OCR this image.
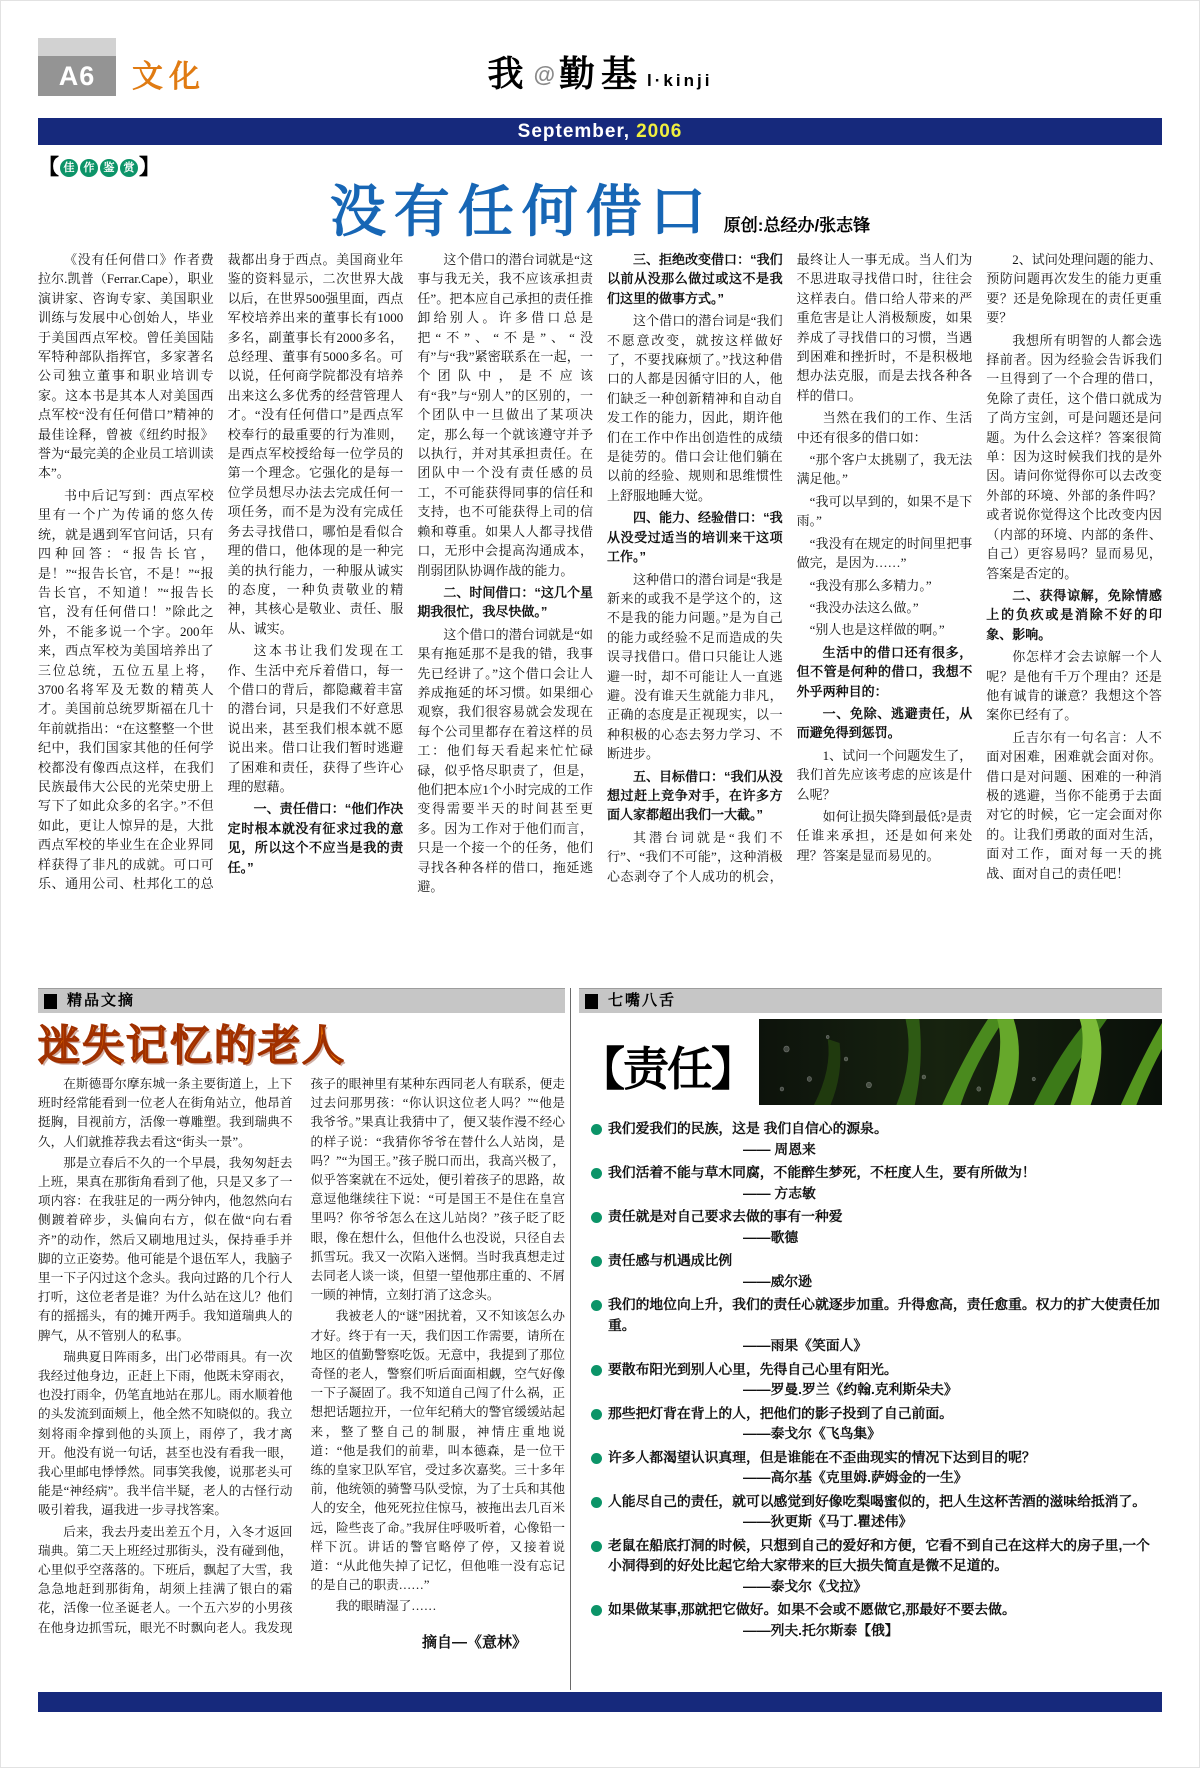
A6	文化	我 @ 勤基 l·kinji
September, 2006
【 佳 作 鉴 赏 】
没有任何借口 原创:总经办/张志锋

《没有任何借口》作者费拉尔.凯普（Ferrar.Cape），职业演讲家、咨询专家、美国职业训练与发展中心创始人，毕业于美国西点军校。曾任美国陆军特种部队指挥官，多家著名公司独立董事和职业培训专家。这本书是其本人对美国西点军校“没有任何借口”精神的最佳诠释，曾被《纽约时报》誉为“最完美的企业员工培训读本”。

书中后记写到：西点军校里有一个广为传诵的悠久传统，就是遇到军官问话，只有四种回答：“报告长官，是！”“报告长官，不是！”“报告长官，不知道！”“报告长官，没有任何借口！”除此之外，不能多说一个字。200年来，西点军校为美国培养出了三位总统，五位五星上将，3700名将军及无数的精英人才。美国前总统罗斯福在几十年前就指出：“在这整整一个世纪中，我们国家其他的任何学校都没有像西点这样，在我们民族最伟大公民的光荣史册上写下了如此众多的名字。”不但如此，更让人惊异的是，大批西点军校的毕业生在企业界同样获得了非凡的成就。可口可乐、通用公司、杜邦化工的总裁都出身于西点。美国商业年鉴的资料显示，二次世界大战以后，在世界500强里面，西点军校培养出来的董事长有1000多名，副董事长有2000多名，总经理、董事有5000多名。可以说，任何商学院都没有培养出来这么多优秀的经营管理人才。“没有任何借口”是西点军校奉行的最重要的行为准则，是西点军校授给每一位学员的第一个理念。它强化的是每一位学员想尽办法去完成任何一项任务，而不是为没有完成任务去寻找借口，哪怕是看似合理的借口，他体现的是一种完美的执行能力，一种服从诚实的态度，一种负责敬业的精神，其核心是敬业、责任、服从、诚实。

这本书让我们发现在工作、生活中充斥着借口，每一个借口的背后，都隐藏着丰富的潜台词，只是我们不好意思说出来，甚至我们根本就不愿说出来。借口让我们暂时逃避了困难和责任，获得了些许心理的慰藉。

一、责任借口：“他们作决定时根本就没有征求过我的意见，所以这个不应当是我的责任。”

这个借口的潜台词就是“这事与我无关，我不应该承担责任”。把本应自己承担的责任推卸给别人。许多借口总是把“不”、“不是”、“没有”与“我”紧密联系在一起，一个团队中，是不应该有“我”与“别人”的区别的，一个团队中一旦做出了某项决定，那么每一个就该遵守并予以执行，并对其承担责任。在团队中一个没有责任感的员工，不可能获得同事的信任和支持，也不可能获得上司的信赖和尊重。如果人人都寻找借口，无形中会提高沟通成本，削弱团队协调作战的能力。

二、时间借口：“这几个星期我很忙，我尽快做。”

这个借口的潜台词就是“如果有拖延那不是我的错，我事先已经讲了。”这个借口会让人养成拖延的坏习惯。如果细心观察，我们很容易就会发现在每个公司里都存在着这样的员工：他们每天看起来忙忙碌碌，似乎恪尽职责了，但是，他们把本应1个小时完成的工作变得需要半天的时间甚至更多。因为工作对于他们而言，只是一个接一个的任务，他们寻找各种各样的借口，拖延逃避。

三、拒绝改变借口：“我们以前从没那么做过或这不是我们这里的做事方式。”

这个借口的潜台词是“我们不愿意改变，就按这样做好了，不要找麻烦了。”找这种借口的人都是因循守旧的人，他们缺乏一种创新精神和自动自发工作的能力，因此，期许他们在工作中作出创造性的成绩是徒劳的。借口会让他们躺在以前的经验、规则和思维惯性上舒服地睡大觉。

四、能力、经验借口：“我从没受过适当的培训来干这项工作。”

这种借口的潜台词是“我是新来的或我不是学这个的，这不是我的能力问题。”是为自己的能力或经验不足而造成的失误寻找借口。借口只能让人逃避一时，却不可能让人一直逃避。没有谁天生就能力非凡，正确的态度是正视现实，以一种积极的心态去努力学习、不断进步。

五、目标借口：“我们从没想过赶上竞争对手，在许多方面人家都超出我们一大截。”

其潜台词就是“我们不行”、“我们不可能”，这种消极心态剥夺了个人成功的机会，最终让人一事无成。当人们为不思进取寻找借口时，往往会这样表白。借口给人带来的严重危害是让人消极颓废，如果养成了寻找借口的习惯，当遇到困难和挫折时，不是积极地想办法克服，而是去找各种各样的借口。

当然在我们的工作、生活中还有很多的借口如：

“那个客户太挑剔了，我无法满足他。”

“我可以早到的，如果不是下雨。”

“我没有在规定的时间里把事做完，是因为……”

“我没有那么多精力。”

“我没办法这么做。”

“别人也是这样做的啊。”

生活中的借口还有很多，但不管是何种的借口，我想不外乎两种目的：

一、免除、逃避责任，从而避免得到惩罚。

1、试问一个问题发生了，我们首先应该考虑的应该是什么呢？

如何让损失降到最低?是责任谁来承担，还是如何来处理？答案是显而易见的。

2、试问处理问题的能力、预防问题再次发生的能力更重要？还是免除现在的责任更重要？

我想所有明智的人都会选择前者。因为经验会告诉我们一旦得到了一个合理的借口，免除了责任，这个借口就成为了尚方宝剑，可是问题还是问题。为什么会这样？答案很简单：因为这时候我们找的是外因。请问你觉得你可以去改变外部的环境、外部的条件吗？或者说你觉得这个比改变内因（内部的环境、内部的条件、自己）更容易吗？显而易见，答案是否定的。

二、获得谅解，免除情感上的负疚或是消除不好的印象、影响。

你怎样才会去谅解一个人呢？是他有千万个理由？还是他有诚肯的谦意？我想这个答案你已经有了。

丘吉尔有一句名言：人不面对困难，困难就会面对你。借口是对问题、困难的一种消极的逃避，当你不能勇于去面对它的时候，它一定会面对你的。让我们勇敢的面对生活，面对工作，面对每一天的挑战、面对自己的责任吧！

精品文摘
迷失记忆的老人

在斯德哥尔摩东城一条主要街道上，上下班时经常能看到一位老人在街角站立，他昂首挺胸，目视前方，活像一尊雕塑。我到瑞典不久，人们就推荐我去看这“街头一景”。

那是立春后不久的一个早晨，我匆匆赶去上班，果真在那街角看到了他，只是又多了一项内容：在我驻足的一两分钟内，他忽然向右侧踱着碎步，头偏向右方，似在做“向右看齐”的动作，然后又刷地甩过头，保持垂手并脚的立正姿势。他可能是个退伍军人，我脑子里一下子闪过这个念头。我向过路的几个行人打听，这位老者是谁？为什么站在这儿？他们有的摇摇头，有的摊开两手。我知道瑞典人的脾气，从不管别人的私事。

瑞典夏日阵雨多，出门必带雨具。有一次我经过他身边，正赶上下雨，他既未穿雨衣，也没打雨伞，仍笔直地站在那儿。雨水顺着他的头发流到面颊上，他全然不知晓似的。我立刻将雨伞撑到他的头顶上，雨停了，我才离开。他没有说一句话，甚至也没有看我一眼，我心里邮电悸悸然。同事笑我傻，说那老头可能是“神经病”。我半信半疑，老人的古怪行动吸引着我，逼我进一步寻找答案。

后来，我去丹麦出差五个月，入冬才返回瑞典。第二天上班经过那街头，没有碰到他，心里似乎空落落的。下班后，飘起了大雪，我急急地赶到那街角，胡须上挂满了银白的霜花，活像一位圣诞老人。一个五六岁的小男孩在他身边抓雪玩，眼光不时飘向老人。我发现孩子的眼神里有某种东西同老人有联系，便走过去问那男孩：“你认识这位老人吗？”“他是我爷爷。”果真让我猜中了，便又装作漫不经心的样子说：“我猜你爷爷在替什么人站岗，是吗？”“为国王。”孩子脱口而出，我高兴极了，似乎答案就在不远处，便引着孩子的思路，故意逗他继续往下说：“可是国王不是住在皇宫里吗？你爷爷怎么在这儿站岗？”孩子眨了眨眼，像在想什么，但他什么也没说，只径自去抓雪玩。我又一次陷入迷惘。当时我真想走过去同老人谈一谈，但望一望他那庄重的、不屑一顾的神情，立刻打消了这念头。

我被老人的“谜”困扰着，又不知该怎么办才好。终于有一天，我们因工作需要，请所在地区的值勤警察吃饭。无意中，我提到了那位奇怪的老人，警察们听后面面相觑，空气好像一下子凝固了。我不知道自己闯了什么祸，正想把话题拉开，一位年纪稍大的警官缓缓站起来，整了整自己的制服，神情庄重地说道：“他是我们的前辈，叫本德森，是一位干练的皇家卫队军官，受过多次嘉奖。三十多年前，他统领的骑警马队受惊，为了士兵和其他人的安全，他死死拉住惊马，被拖出去几百米远，险些丧了命。”我屏住呼吸听着，心像铅一样下沉。讲话的警官略停了停，又接着说道：“从此他失掉了记忆，但他唯一没有忘记的是自己的职责……”

我的眼睛湿了……

摘自—《意林》

七嘴八舌
【责任】
我们爱我们的民族，这是 我们自信心的源泉。
—— 周恩来
我们活着不能与草木同腐，不能醉生梦死，不枉度人生，要有所做为！
—— 方志敏
责任就是对自己要求去做的事有一种爱
——歌德
责任感与机遇成比例
——威尔逊
我们的地位向上升，我们的责任心就逐步加重。升得愈高，责任愈重。权力的扩大使责任加重。
——雨果《笑面人》
要散布阳光到别人心里，先得自己心里有阳光。
——罗曼.罗兰《约翰.克利斯朵夫》
那些把灯背在背上的人，把他们的影子投到了自己前面。
——泰戈尔《飞鸟集》
许多人都渴望认识真理，但是谁能在不歪曲现实的情况下达到目的呢？
——高尔基《克里姆.萨姆金的一生》
人能尽自己的责任，就可以感觉到好像吃梨喝蜜似的，把人生这杯苦酒的滋味给抵消了。
——狄更斯《马丁.瞿述伟》
老鼠在船底打洞的时候，只想到自己的爱好和方便，它看不到自己在这样大的房子里,一个小洞得到的好处比起它给大家带来的巨大损失简直是微不足道的。
——泰戈尔《戈拉》
如果做某事,那就把它做好。如果不会或不愿做它,那最好不要去做。
——列夫.托尔斯泰【俄】
